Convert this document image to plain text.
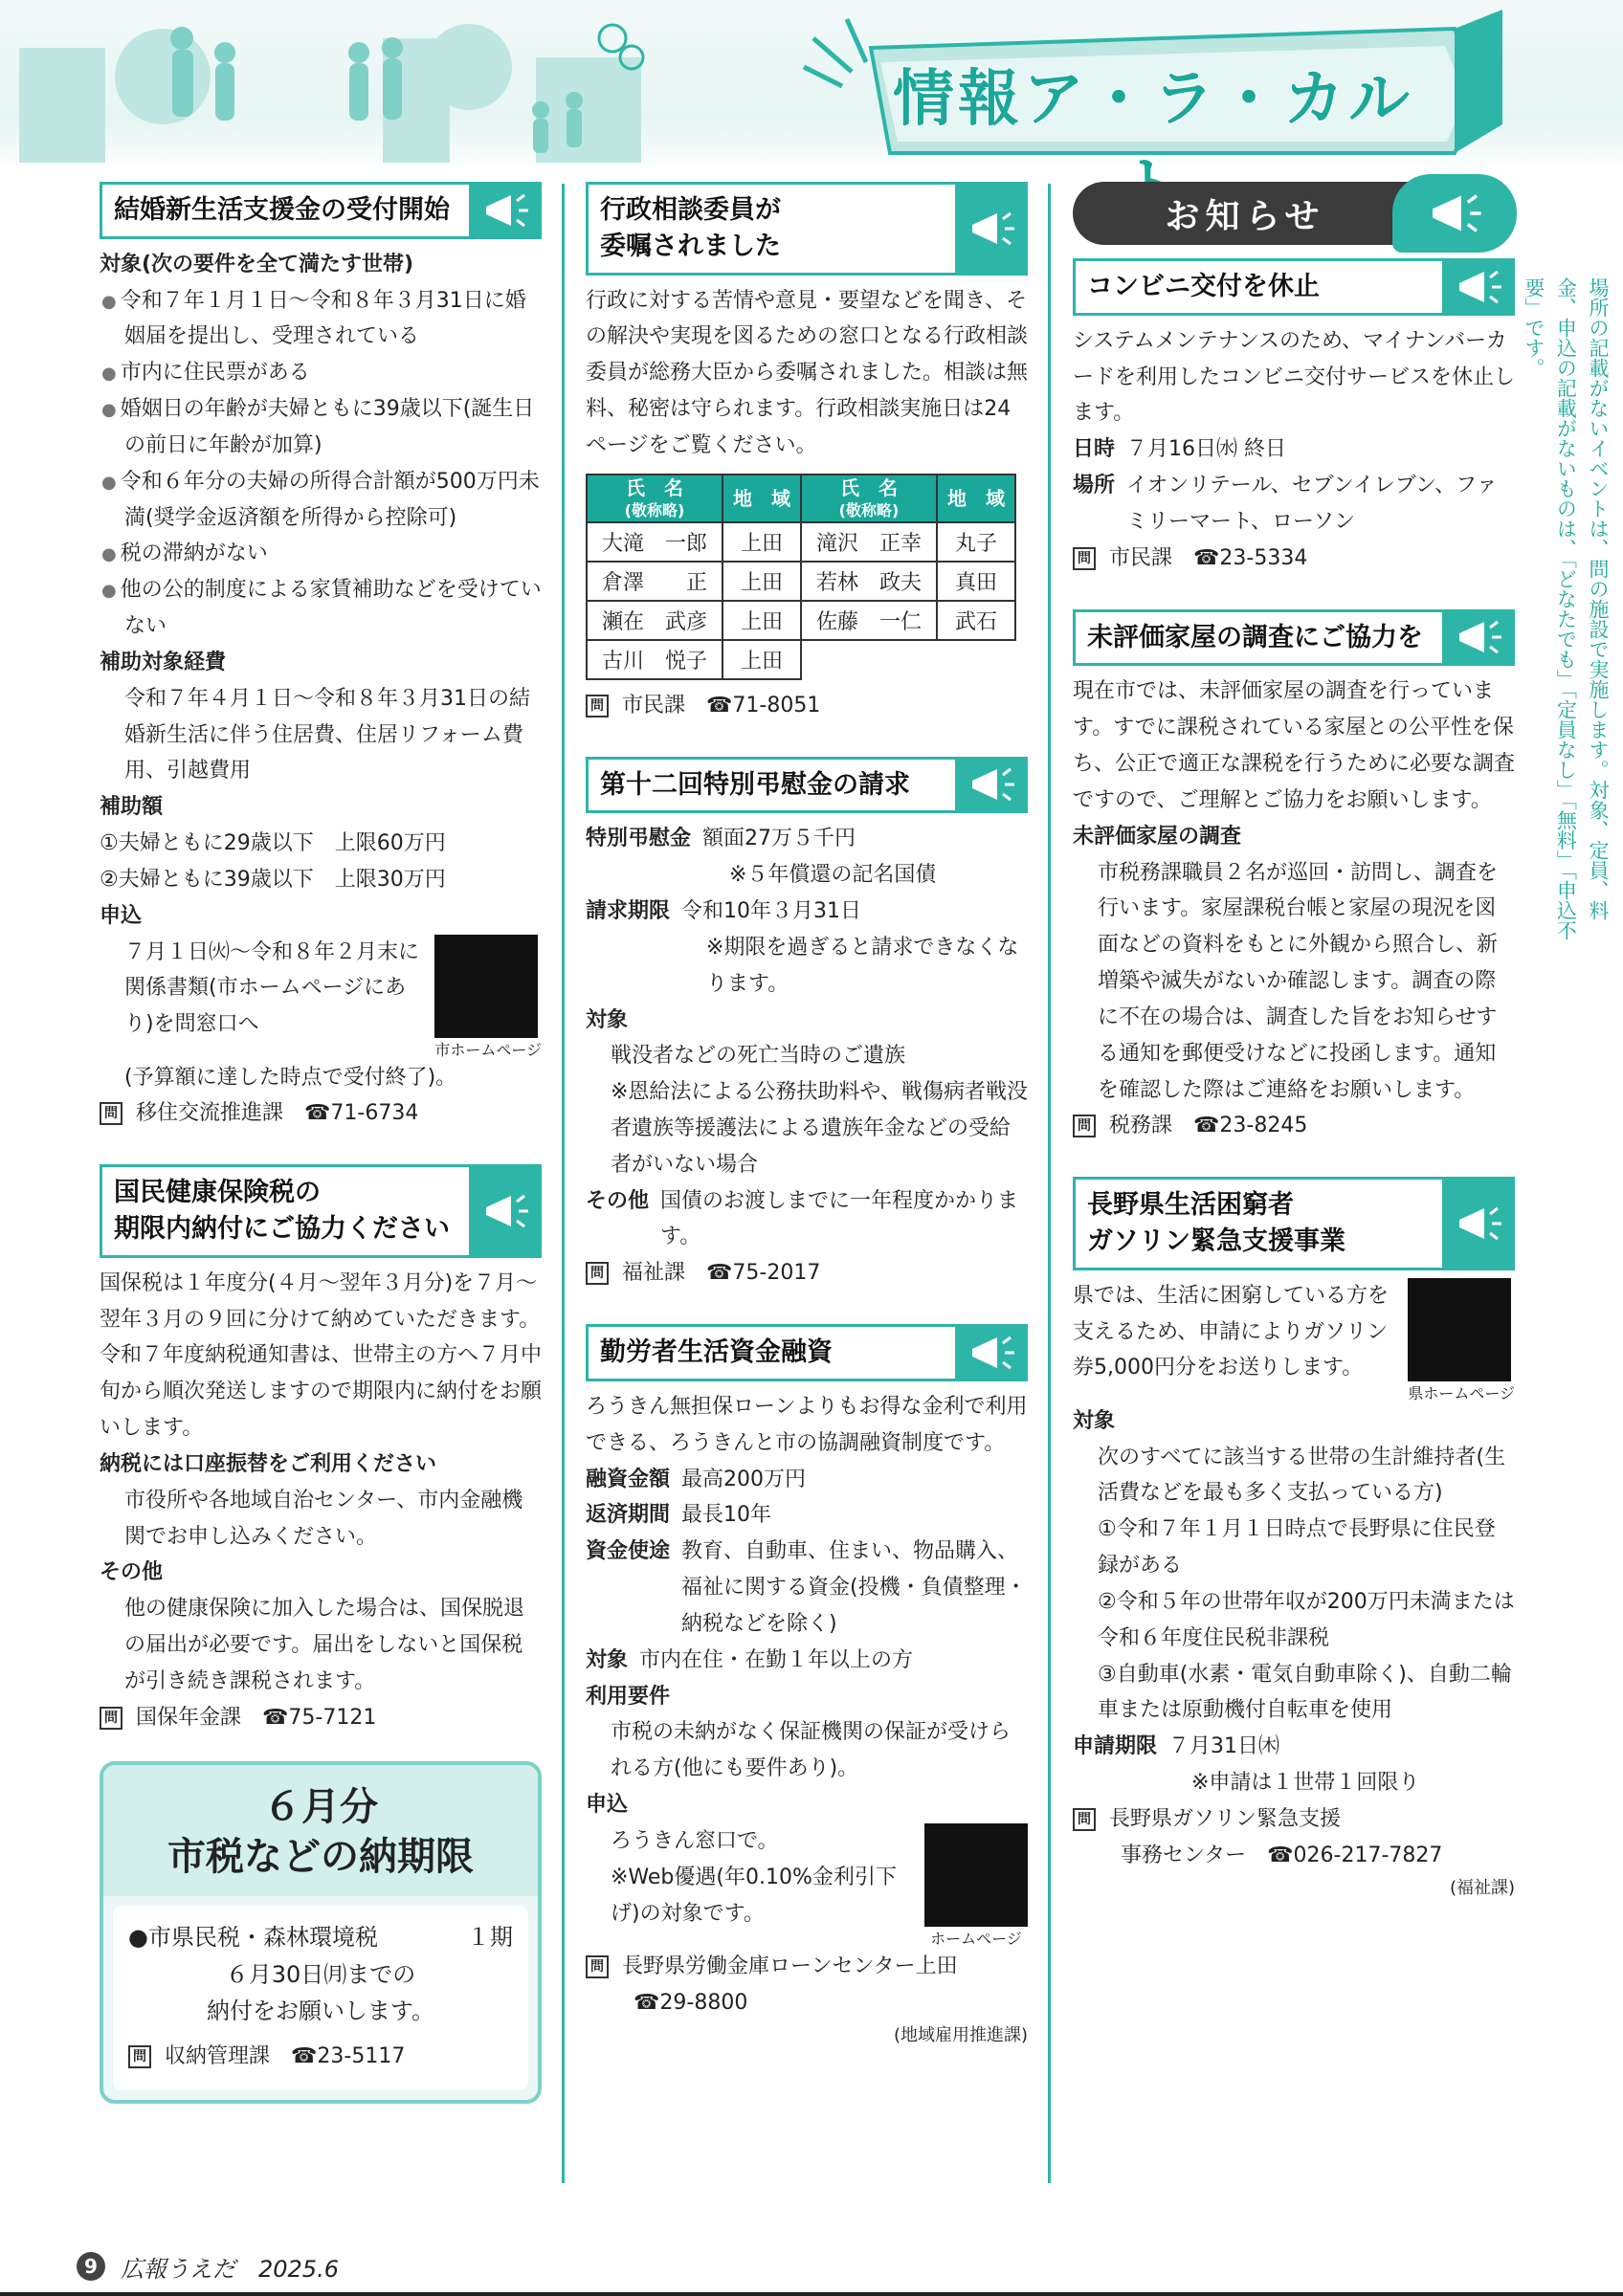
情報ア・ラ・カル
場所の記載がないイベントは、問の施設で実施します。対象、定員、料金、申込の記載がないものは、「どなたでも」「定員なし」「無料」「申込不要」です。
結婚新生活支援金の受付開始
対象(次の要件を全て満たす世帯)
● 令和７年１月１日～令和８年３月31日に婚姻届を提出し、受理されている
● 市内に住民票がある
● 婚姻日の年齢が夫婦ともに39歳以下(誕生日の前日に年齢が加算)
● 令和６年分の夫婦の所得合計額が500万円未満(奨学金返済額を所得から控除可)
● 税の滞納がない
● 他の公的制度による家賃補助などを受けていない
補助対象経費
令和７年４月１日～令和８年３月31日の結婚新生活に伴う住居費、住居リフォーム費用、引越費用
補助額
①夫婦ともに29歳以下　上限60万円
②夫婦ともに39歳以下　上限30万円
申込
７月１日㈫～令和８年２月末に関係書類(市ホームページにあり)を問窓口へ
市ホームページ
(予算額に達した時点で受付終了)。
問 移住交流推進課　☎71-6734
国民健康保険税の
期限内納付にご協力ください
国保税は１年度分(４月～翌年３月分)を７月～翌年３月の９回に分けて納めていただきます。令和７年度納税通知書は、世帯主の方へ７月中旬から順次発送しますので期限内に納付をお願いします。
納税には口座振替をご利用ください
市役所や各地域自治センター、市内金融機関でお申し込みください。
その他
他の健康保険に加入した場合は、国保脱退の届出が必要です。届出をしないと国保税が引き続き課税されます。
問 国保年金課　☎75-7121
６月分
市税などの納期限
●市県民税・森林環境税	１期
６月30日㈪までの
納付をお願いします。
問 収納管理課　☎23-5117
行政相談委員が
委嘱されました
行政に対する苦情や意見・要望などを聞き、その解決や実現を図るための窓口となる行政相談委員が総務大臣から委嘱されました。相談は無料、秘密は守られます。行政相談実施日は24ページをご覧ください。
氏　名
(敬称略)	地　域	氏　名
(敬称略)	地　域
大滝　一郎	上田	滝沢　正幸	丸子
倉澤　　正	上田	若林　政夫	真田
瀬在　武彦	上田	佐藤　一仁	武石
古川　悦子	上田		
問 市民課　☎71-8051
第十二回特別弔慰金の請求
特別弔慰金 額面27万５千円
※５年償還の記名国債
請求期限 令和10年３月31日
※期限を過ぎると請求できなくなります。
対象
戦没者などの死亡当時のご遺族
※恩給法による公務扶助料や、戦傷病者戦没者遺族等援護法による遺族年金などの受給者がいない場合
その他 国債のお渡しまでに一年程度かかります。
問 福祉課　☎75-2017
勤労者生活資金融資
ろうきん無担保ローンよりもお得な金利で利用できる、ろうきんと市の協調融資制度です。
融資金額 最高200万円
返済期間 最長10年
資金使途 教育、自動車、住まい、物品購入、福祉に関する資金(投機・負債整理・納税などを除く)
対象 市内在住・在勤１年以上の方
利用要件
市税の未納がなく保証機関の保証が受けられる方(他にも要件あり)。
申込
ろうきん窓口で。
※Web優遇(年0.10%金利引下げ)の対象です。
ホームページ
問 長野県労働金庫ローンセンター上田
☎29-8800
(地域雇用推進課)
お知らせ
コンビニ交付を休止
システムメンテナンスのため、マイナンバーカードを利用したコンビニ交付サービスを休止します。
日時 ７月16日㈬ 終日
場所 イオンリテール、セブンイレブン、ファミリーマート、ローソン
問 市民課　☎23-5334
未評価家屋の調査にご協力を
現在市では、未評価家屋の調査を行っています。すでに課税されている家屋との公平性を保ち、公正で適正な課税を行うために必要な調査ですので、ご理解とご協力をお願いします。
未評価家屋の調査
市税務課職員２名が巡回・訪問し、調査を行います。家屋課税台帳と家屋の現況を図面などの資料をもとに外観から照合し、新増築や滅失がないか確認します。調査の際に不在の場合は、調査した旨をお知らせする通知を郵便受けなどに投函します。通知を確認した際はご連絡をお願いします。
問 税務課　☎23-8245
長野県生活困窮者
ガソリン緊急支援事業
県では、生活に困窮している方を支えるため、申請によりガソリン券5,000円分をお送りします。
県ホームページ
対象
次のすべてに該当する世帯の生計維持者(生活費などを最も多く支払っている方)
①令和７年１月１日時点で長野県に住民登録がある
②令和５年の世帯年収が200万円未満または令和６年度住民税非課税
③自動車(水素・電気自動車除く)、自動二輪車または原動機付自転車を使用
申請期限 ７月31日㈭
※申請は１世帯１回限り
問 長野県ガソリン緊急支援
事務センター　☎026-217-7827
(福祉課)
9	広報うえだ　2025.6
